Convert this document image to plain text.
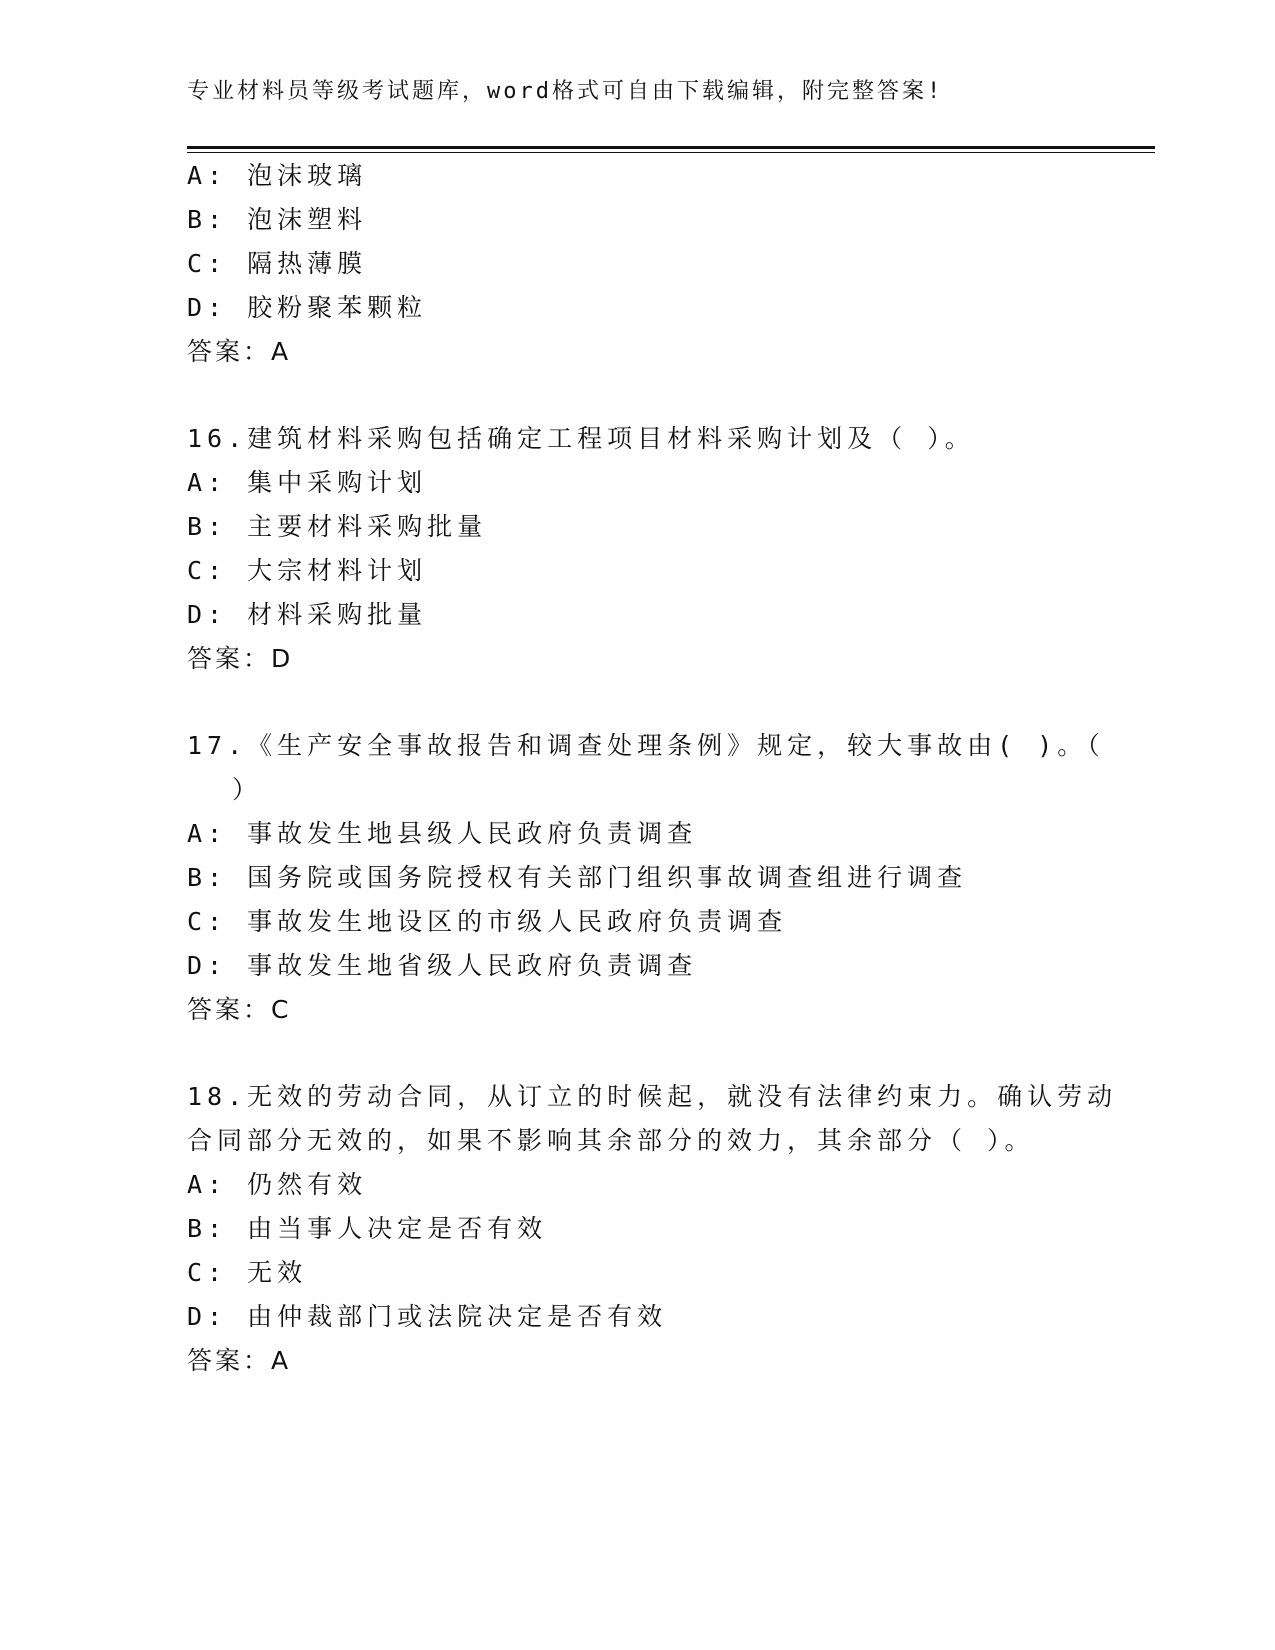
专业材料员等级考试题库，word格式可自由下载编辑，附完整答案!
A: 泡沫玻璃
B: 泡沫塑料
C: 隔热薄膜
D: 胶粉聚苯颗粒
答案：A
16.建筑材料采购包括确定工程项目材料采购计划及（ ）。
A: 集中采购计划
B: 主要材料采购批量
C: 大宗材料计划
D: 材料采购批量
答案：D
17.《生产安全事故报告和调查处理条例》规定，较大事故由( )。（
）
A: 事故发生地县级人民政府负责调查
B: 国务院或国务院授权有关部门组织事故调查组进行调查
C: 事故发生地设区的市级人民政府负责调查
D: 事故发生地省级人民政府负责调查
答案：C
18.无效的劳动合同，从订立的时候起，就没有法律约束力。确认劳动
合同部分无效的，如果不影响其余部分的效力，其余部分（ ）。
A: 仍然有效
B: 由当事人决定是否有效
C: 无效
D: 由仲裁部门或法院决定是否有效
答案：A
